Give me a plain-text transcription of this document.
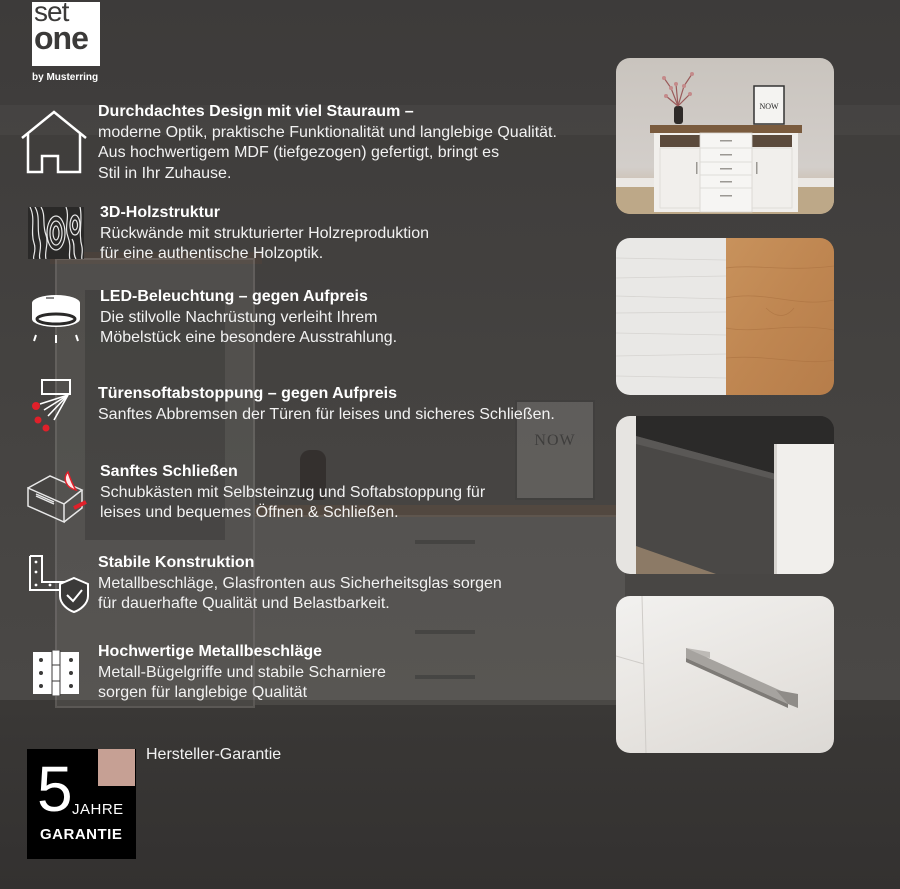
NOW
set
one
by Musterring
Durchdachtes Design mit viel Stauraum –
moderne Optik, praktische Funktionalität und langlebige Qualität.
Aus hochwertigem MDF (tiefgezogen) gefertigt, bringt es
Stil in Ihr Zuhause.
3D-Holzstruktur
Rückwände mit strukturierter Holzreproduktion
für eine authentische Holzoptik.
LED-Beleuchtung – gegen Aufpreis
Die stilvolle Nachrüstung verleiht Ihrem
Möbelstück eine besondere Ausstrahlung.
Türensoftabstoppung – gegen Aufpreis
Sanftes Abbremsen der Türen für leises und sicheres Schließen.
Sanftes Schließen
Schubkästen mit Selbsteinzug und Softabstoppung für
leises und bequemes Öffnen & Schließen.
Stabile Konstruktion
Metallbeschläge, Glasfronten aus Sicherheitsglas sorgen
für dauerhafte Qualität und Belastbarkeit.
Hochwertige Metallbeschläge
Metall-Bügelgriffe und stabile Scharniere
sorgen für langlebige Qualität
NOW
5 JAHRE
GARANTIE
Hersteller-Garantie
